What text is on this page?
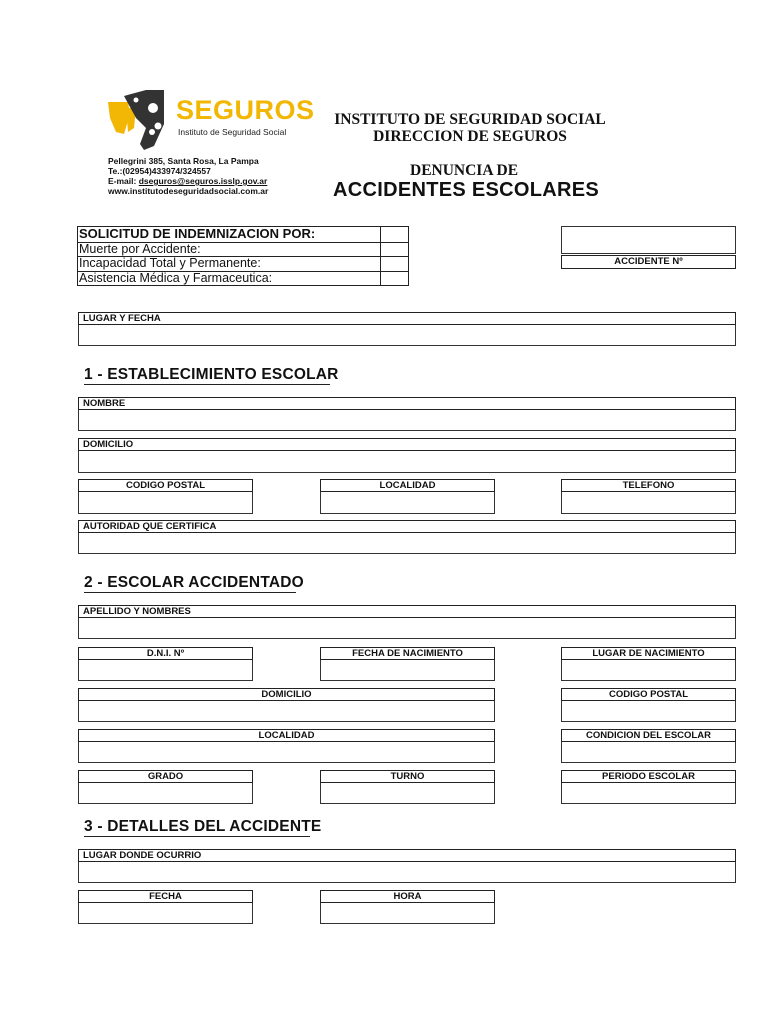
SEGUROS
Instituto de Seguridad Social
Pellegrini 385, Santa Rosa, La Pampa
Te.:(02954)433974/324557
E-mail: dseguros@seguros.isslp.gov.ar
www.institutodeseguridadsocial.com.ar
INSTITUTO DE SEGURIDAD SOCIAL
DIRECCION DE SEGUROS
DENUNCIA DE
ACCIDENTES ESCOLARES

SOLICITUD DE INDEMNIZACION POR:
Muerte por Accidente:
Incapacidad Total y Permanente:
Asistencia Médica y Farmaceutica:
ACCIDENTE Nº
LUGAR Y FECHA
1 - ESTABLECIMIENTO ESCOLAR
NOMBRE
DOMICILIO
CODIGO POSTAL	LOCALIDAD	TELEFONO
AUTORIDAD QUE CERTIFICA
2 - ESCOLAR ACCIDENTADO
APELLIDO Y NOMBRES
D.N.I. Nº	FECHA DE NACIMIENTO	LUGAR DE NACIMIENTO
DOMICILIO	CODIGO POSTAL
LOCALIDAD	CONDICION DEL ESCOLAR
GRADO	TURNO	PERIODO ESCOLAR
3 - DETALLES DEL ACCIDENTE
LUGAR DONDE OCURRIO
FECHA	HORA
